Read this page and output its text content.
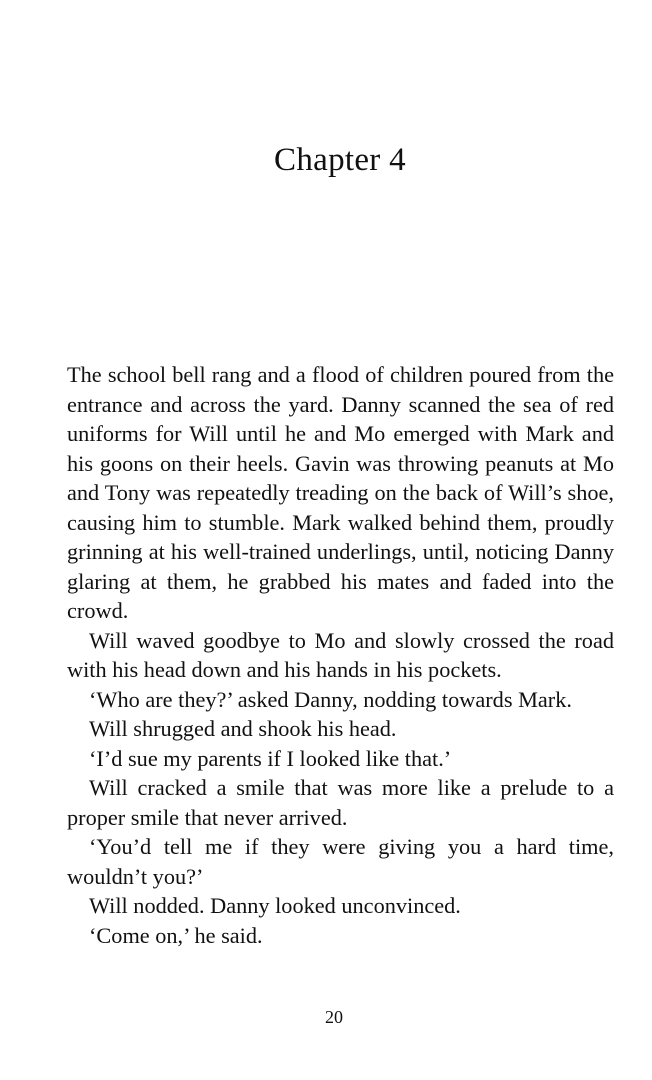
Chapter 4

The school bell rang and a flood of children poured from the entrance and across the yard. Danny scanned the sea of red uniforms for Will until he and Mo emerged with Mark and his goons on their heels. Gavin was throwing peanuts at Mo and Tony was repeatedly treading on the back of Will’s shoe, causing him to stumble. Mark walked behind them, proudly grinning at his well-trained underlings, until, noticing Danny glaring at them, he grabbed his mates and faded into the crowd.

Will waved goodbye to Mo and slowly crossed the road with his head down and his hands in his pockets.

‘Who are they?’ asked Danny, nodding towards Mark.

Will shrugged and shook his head.

‘I’d sue my parents if I looked like that.’

Will cracked a smile that was more like a prelude to a proper smile that never arrived.

‘You’d tell me if they were giving you a hard time, wouldn’t you?’

Will nodded. Danny looked unconvinced.

‘Come on,’ he said.

20
